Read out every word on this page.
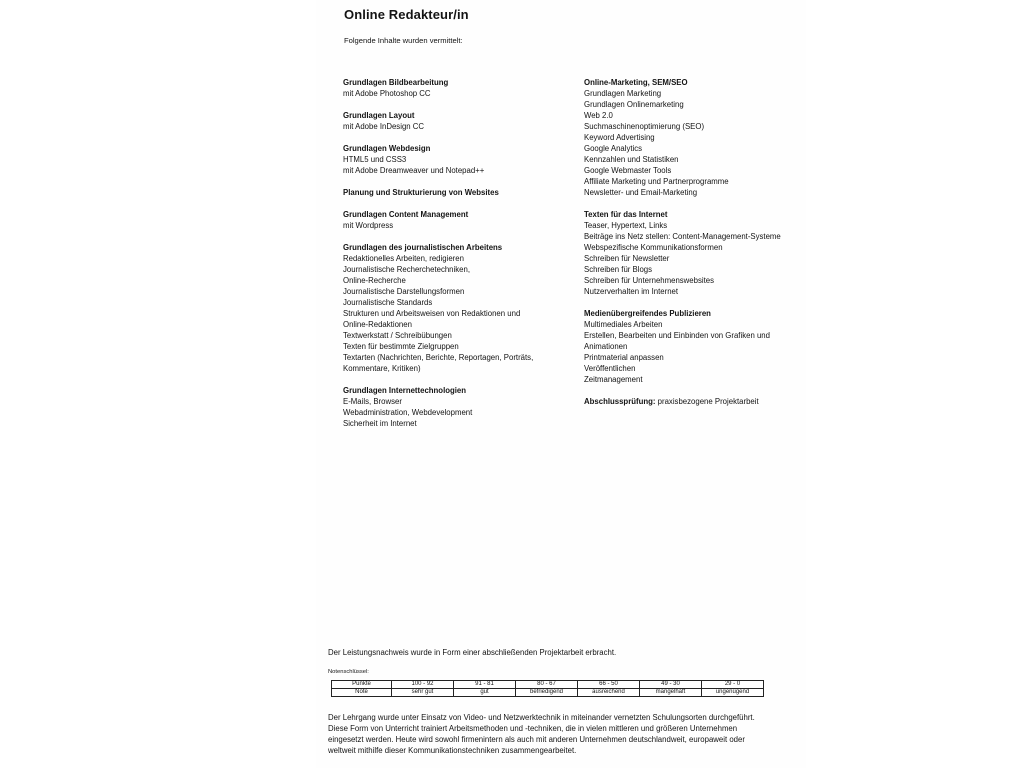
Online Redakteur/in
Folgende Inhalte wurden vermittelt:
Grundlagen Bildbearbeitung
mit Adobe Photoshop CC
Grundlagen Layout
mit Adobe InDesign CC
Grundlagen Webdesign
HTML5 und CSS3
mit Adobe Dreamweaver und Notepad++
Planung und Strukturierung von Websites
Grundlagen Content Management
mit Wordpress
Grundlagen des journalistischen Arbeitens
Redaktionelles Arbeiten, redigieren
Journalistische Recherchetechniken,
Online-Recherche
Journalistische Darstellungsformen
Journalistische Standards
Strukturen und Arbeitsweisen von Redaktionen und
Online-Redaktionen
Textwerkstatt / Schreibübungen
Texten für bestimmte Zielgruppen
Textarten (Nachrichten, Berichte, Reportagen, Porträts,
Kommentare, Kritiken)
Grundlagen Internettechnologien
E-Mails, Browser
Webadministration, Webdevelopment
Sicherheit im Internet
Online-Marketing, SEM/SEO
Grundlagen Marketing
Grundlagen Onlinemarketing
Web 2.0
Suchmaschinenoptimierung (SEO)
Keyword Advertising
Google Analytics
Kennzahlen und Statistiken
Google Webmaster Tools
Affiliate Marketing und Partnerprogramme
Newsletter- und Email-Marketing
Texten für das Internet
Teaser, Hypertext, Links
Beiträge ins Netz stellen: Content-Management-Systeme
Webspezifische Kommunikationsformen
Schreiben für Newsletter
Schreiben für Blogs
Schreiben für Unternehmenswebsites
Nutzerverhalten im Internet
Medienübergreifendes Publizieren
Multimediales Arbeiten
Erstellen, Bearbeiten und Einbinden von Grafiken und
Animationen
Printmaterial anpassen
Veröffentlichen
Zeitmanagement
Abschlussprüfung: praxisbezogene Projektarbeit
Der Leistungsnachweis wurde in Form einer abschließenden Projektarbeit erbracht.
Notenschlüssel:
Punkte	100 - 92	91 - 81	80 - 67	66 - 50	49 - 30	29 - 0
Note	sehr gut	gut	befriedigend	ausreichend	mangelhaft	ungenügend
Der Lehrgang wurde unter Einsatz von Video- und Netzwerktechnik in miteinander vernetzten Schulungsorten durchgeführt.
Diese Form von Unterricht trainiert Arbeitsmethoden und -techniken, die in vielen mittleren und größeren Unternehmen
eingesetzt werden. Heute wird sowohl firmenintern als auch mit anderen Unternehmen deutschlandweit, europaweit oder
weltweit mithilfe dieser Kommunikationstechniken zusammengearbeitet.
